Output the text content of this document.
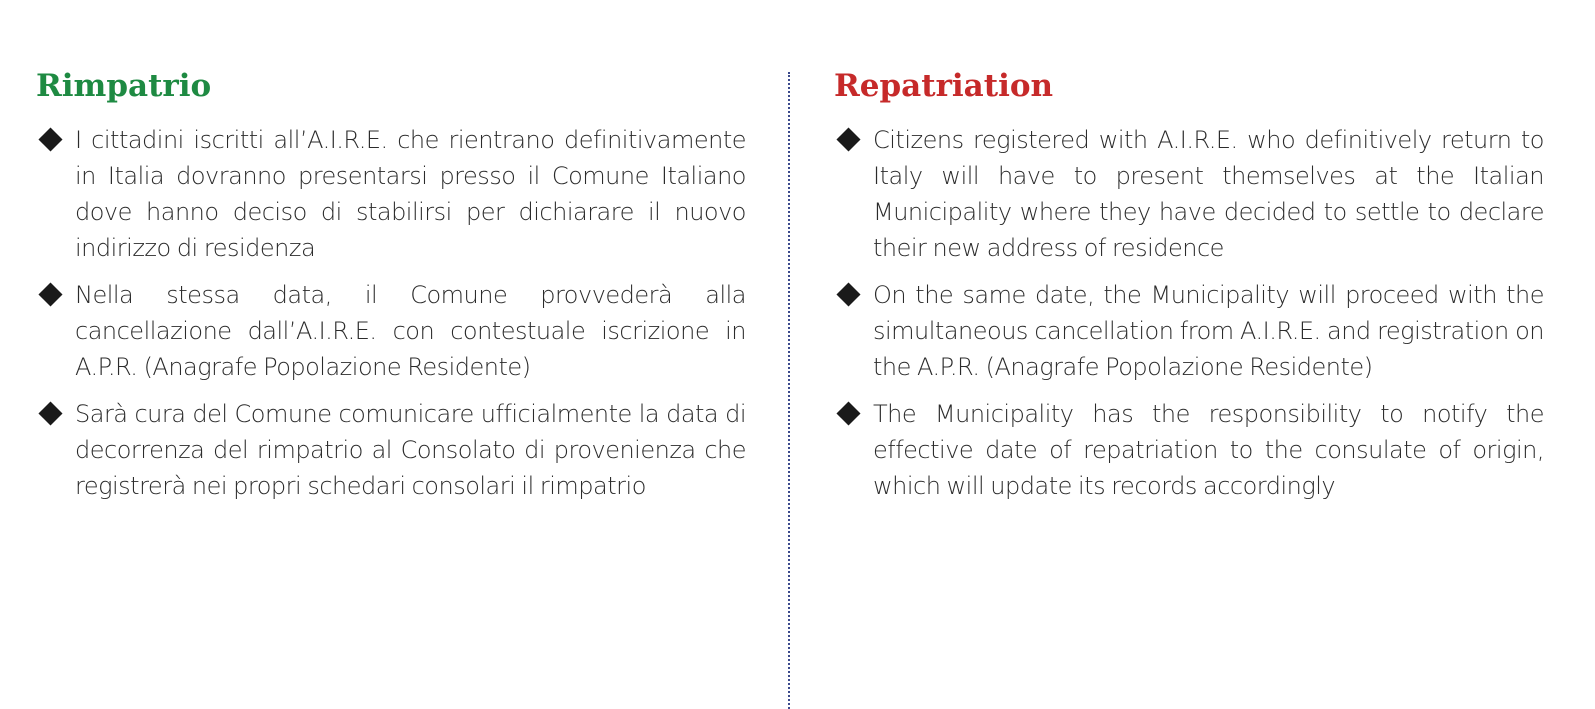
Rimpatrio
I cittadini iscritti all’A.I.R.E. che rientrano definitivamente in Italia dovranno presentarsi presso il Comune Italiano dove hanno deciso di stabilirsi per dichiarare il nuovo indirizzo di residenza
Nella stessa data, il Comune provvederà alla cancellazione dall’A.I.R.E. con contestuale iscrizione in A.P.R. (Anagrafe Popolazione Residente)
Sarà cura del Comune comunicare ufficialmente la data di decorrenza del rimpatrio al Consolato di provenienza che registrerà nei propri schedari consolari il rimpatrio
Repatriation
Citizens registered with A.I.R.E. who definitively return to Italy will have to present themselves at the Italian Municipality where they have decided to settle to declare their new address of residence
On the same date, the Municipality will proceed with the simultaneous cancellation from A.I.R.E. and registration on the A.P.R. (Anagrafe Popolazione Residente)
The Municipality has the responsibility to notify the effective date of repatriation to the consulate of origin, which will update its records accordingly
